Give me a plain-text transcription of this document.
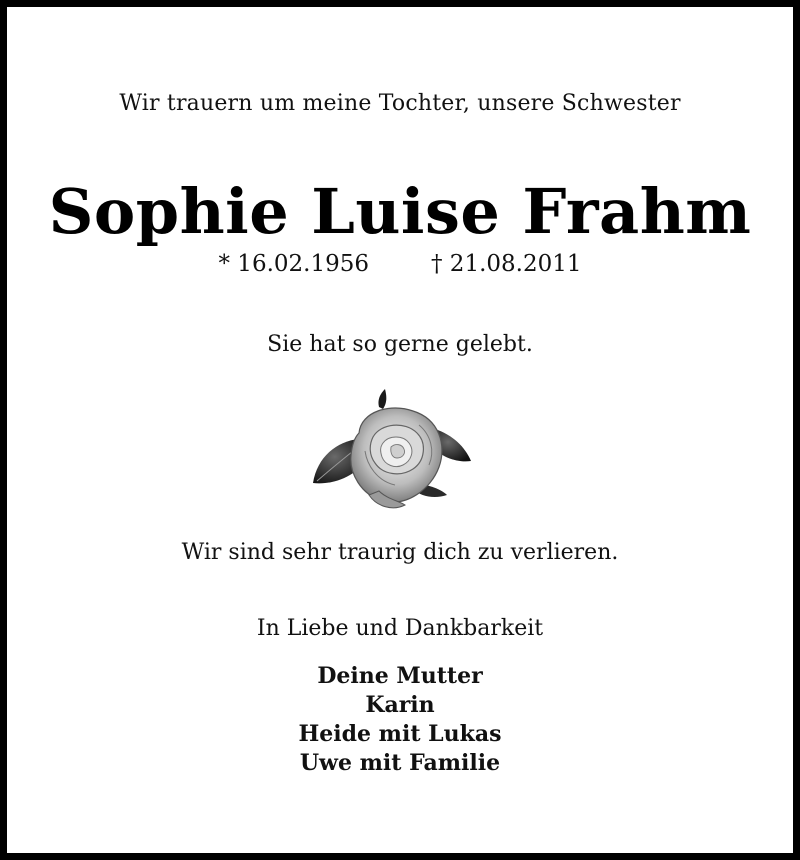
Wir trauern um meine Tochter, unsere Schwester
Sophie Luise Frahm
* 16.02.1956	† 21.08.2011
Sie hat so gerne gelebt.
Wir sind sehr traurig dich zu verlieren.
In Liebe und Dankbarkeit
Deine Mutter
Karin
Heide mit Lukas
Uwe mit Familie
